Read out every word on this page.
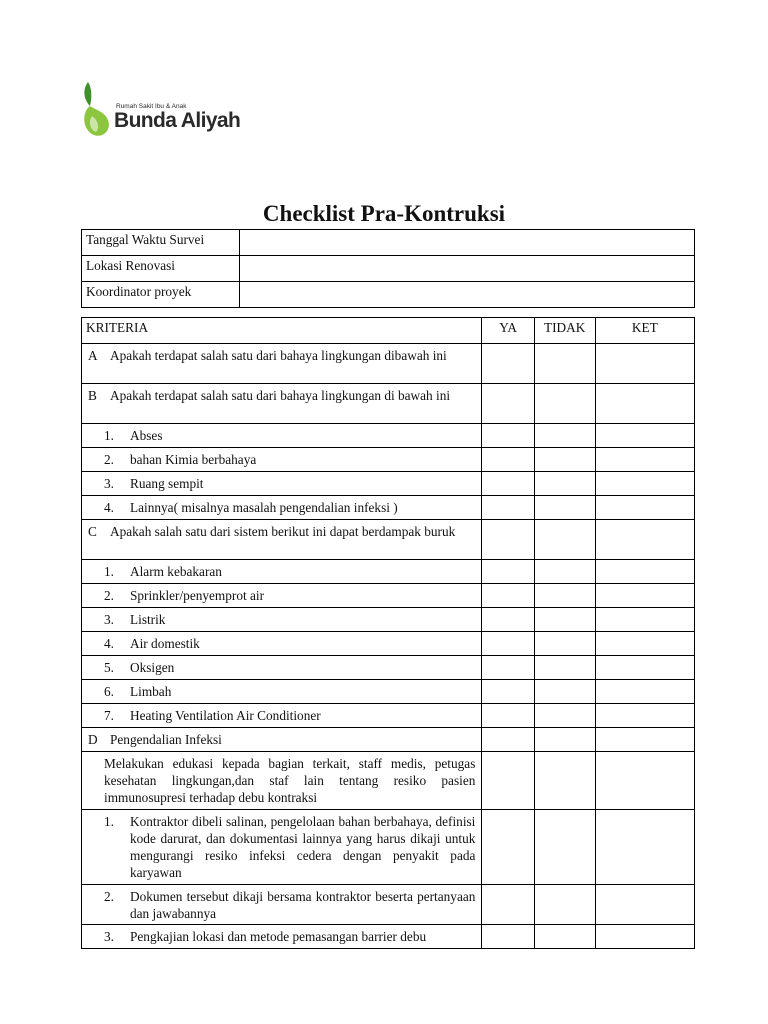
Rumah Sakit Ibu & Anak
Bunda Aliyah
Checklist Pra-Kontruksi
Tanggal Waktu Survei	
Lokasi Renovasi	
Koordinator proyek	
KRITERIA	YA	TIDAK	KET

A Apakah terdapat salah satu dari bahaya lingkungan dibawah ini			

B Apakah terdapat salah satu dari bahaya lingkungan di bawah ini			

1. Abses			

2. bahan Kimia berbahaya			

3. Ruang sempit			

4. Lainnya( misalnya masalah pengendalian infeksi )			

C Apakah salah satu dari sistem berikut ini dapat berdampak buruk			

1. Alarm kebakaran			

2. Sprinkler/penyemprot air			

3. Listrik			

4. Air domestik			

5. Oksigen			

6. Limbah			

7. Heating Ventilation Air Conditioner			

D Pengendalian Infeksi			

Melakukan edukasi kepada bagian terkait, staff medis, petugas kesehatan lingkungan,dan staf lain tentang resiko pasien immunosupresi terhadap debu kontraksi			

1. Kontraktor dibeli salinan, pengelolaan bahan berbahaya, definisi kode darurat, dan dokumentasi lainnya yang harus dikaji untuk mengurangi resiko infeksi cedera dengan penyakit pada karyawan			

2. Dokumen tersebut dikaji bersama kontraktor beserta pertanyaan dan jawabannya			

3. Pengkajian lokasi dan metode pemasangan barrier debu			
